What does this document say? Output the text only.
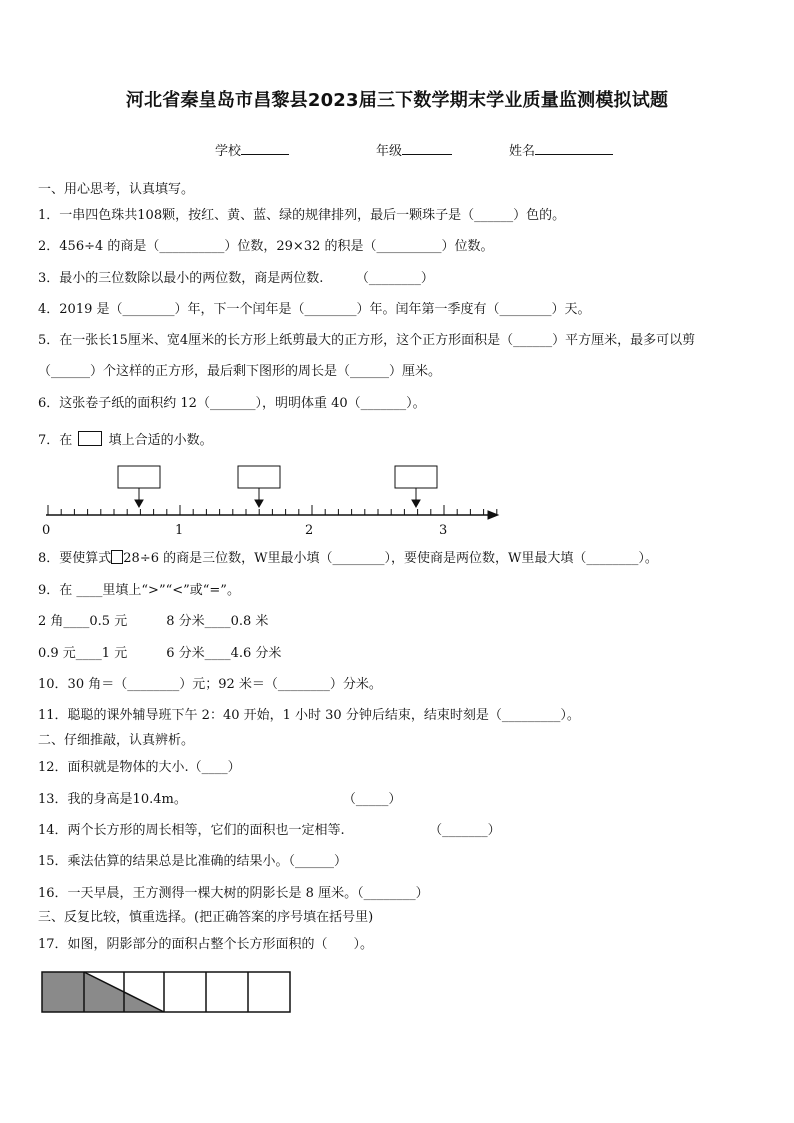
河北省秦皇岛市昌黎县2023届三下数学期末学业质量监测模拟试题
学校	年级	姓名
一、用心思考，认真填写。
1．一串四色珠共108颗，按红、黄、蓝、绿的规律排列，最后一颗珠子是（______）色的。
2．456÷4 的商是（__________）位数，29×32 的积是（__________）位数。
3．最小的三位数除以最小的两位数，商是两位数.　　　（________）
4．2019 是（________）年，下一个闰年是（________）年。闰年第一季度有（________）天。
5．在一张长15厘米、宽4厘米的长方形上纸剪最大的正方形，这个正方形面积是（______）平方厘米，最多可以剪
（______）个这样的正方形，最后剩下图形的周长是（______）厘米。
6．这张卷子纸的面积约 12（_______），明明体重 40（_______）。
7．在	填上合适的小数。
0	1	2	3
8．要使算式 28÷6 的商是三位数，W里最小填（________），要使商是两位数，W里最大填（________）。
9．在 ____里填上“>”“<”或“=”。
2 角____0.5 元　　　8 分米____0.8 米
0.9 元____1 元　　　6 分米____4.6 分米
10．30 角＝（________）元；92 米＝（________）分米。
11．聪聪的课外辅导班下午 2：40 开始，1 小时 30 分钟后结束，结束时刻是（_________）。
二、仔细推敲，认真辨析。
12．面积就是物体的大小.（____）
13．我的身高是10.4m。　　　　　　　　　　　　　（_____）
14．两个长方形的周长相等，它们的面积也一定相等.　　　　　　　（_______）
15．乘法估算的结果总是比准确的结果小。（______）
16．一天早晨，王方测得一棵大树的阴影长是 8 厘米。（________）
三、反复比较，慎重选择。(把正确答案的序号填在括号里)
17．如图，阴影部分的面积占整个长方形面积的（　　）。
